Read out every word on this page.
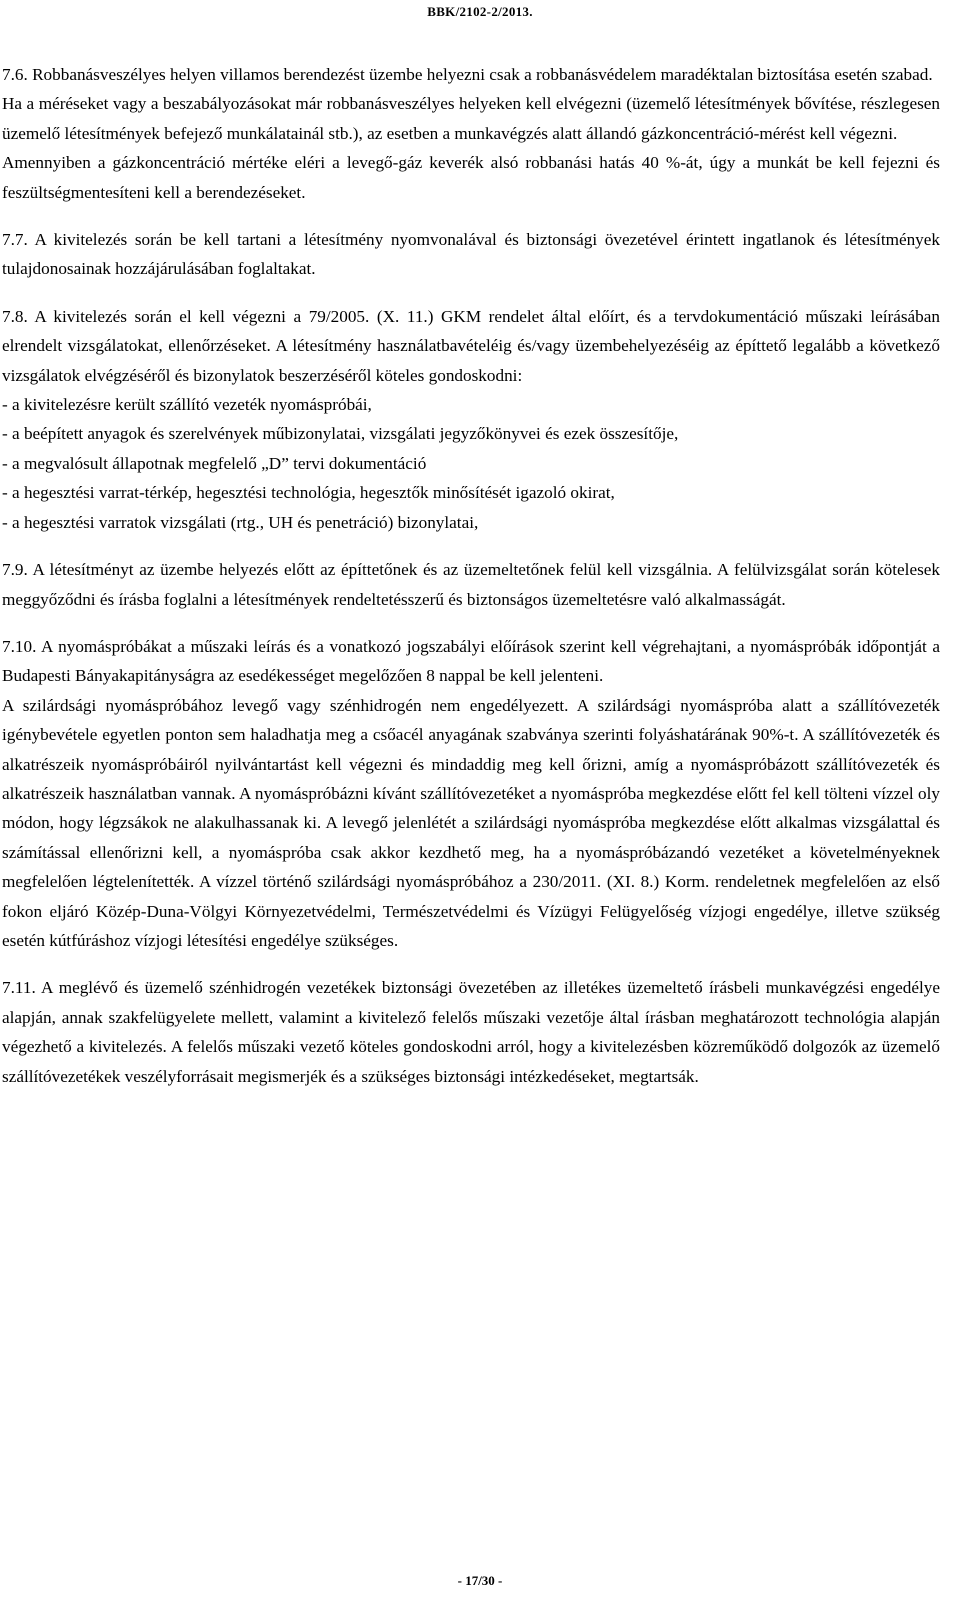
BBK/2102-2/2013.

7.6. Robbanásveszélyes helyen villamos berendezést üzembe helyezni csak a robbanásvédelem maradéktalan biztosítása esetén szabad.

Ha a méréseket vagy a beszabályozásokat már robbanásveszélyes helyeken kell elvégezni (üzemelő létesítmények bővítése, részlegesen üzemelő létesítmények befejező munkálatainál stb.), az esetben a munkavégzés alatt állandó gázkoncentráció-mérést kell végezni.

Amennyiben a gázkoncentráció mértéke eléri a levegő-gáz keverék alsó robbanási hatás 40 %-át, úgy a munkát be kell fejezni és feszültségmentesíteni kell a berendezéseket.

7.7. A kivitelezés során be kell tartani a létesítmény nyomvonalával és biztonsági övezetével érintett ingatlanok és létesítmények tulajdonosainak hozzájárulásában foglaltakat.

7.8. A kivitelezés során el kell végezni a 79/2005. (X. 11.) GKM rendelet által előírt, és a tervdokumentáció műszaki leírásában elrendelt vizsgálatokat, ellenőrzéseket. A létesítmény használatbavételéig és/vagy üzembehelyezéséig az építtető legalább a következő vizsgálatok elvégzéséről és bizonylatok beszerzéséről köteles gondoskodni:

- a kivitelezésre került szállító vezeték nyomáspróbái,

- a beépített anyagok és szerelvények műbizonylatai, vizsgálati jegyzőkönyvei és ezek összesítője,

- a megvalósult állapotnak megfelelő „D” tervi dokumentáció

- a hegesztési varrat-térkép, hegesztési technológia, hegesztők minősítését igazoló okirat,

- a hegesztési varratok vizsgálati (rtg., UH és penetráció) bizonylatai,

7.9. A létesítményt az üzembe helyezés előtt az építtetőnek és az üzemeltetőnek felül kell vizsgálnia. A felülvizsgálat során kötelesek meggyőződni és írásba foglalni a létesítmények rendeltetésszerű és biztonságos üzemeltetésre való alkalmasságát.

7.10. A nyomáspróbákat a műszaki leírás és a vonatkozó jogszabályi előírások szerint kell végrehajtani, a nyomáspróbák időpontját a Budapesti Bányakapitányságra az esedékességet megelőzően 8 nappal be kell jelenteni.

A szilárdsági nyomáspróbához levegő vagy szénhidrogén nem engedélyezett. A szilárdsági nyomáspróba alatt a szállítóvezeték igénybevétele egyetlen ponton sem haladhatja meg a csőacél anyagának szabványa szerinti folyáshatárának 90%-t. A szállítóvezeték és alkatrészeik nyomáspróbáiról nyilvántartást kell végezni és mindaddig meg kell őrizni, amíg a nyomáspróbázott szállítóvezeték és alkatrészeik használatban vannak. A nyomáspróbázni kívánt szállítóvezetéket a nyomáspróba megkezdése előtt fel kell tölteni vízzel oly módon, hogy légzsákok ne alakulhassanak ki. A levegő jelenlétét a szilárdsági nyomáspróba megkezdése előtt alkalmas vizsgálattal és számítással ellenőrizni kell, a nyomáspróba csak akkor kezdhető meg, ha a nyomáspróbázandó vezetéket a követelményeknek megfelelően légtelenítették. A vízzel történő szilárdsági nyomáspróbához a 230/2011. (XI. 8.) Korm. rendeletnek megfelelően az első fokon eljáró Közép-Duna-Völgyi Környezetvédelmi, Természetvédelmi és Vízügyi Felügyelőség vízjogi engedélye, illetve szükség esetén kútfúráshoz vízjogi létesítési engedélye szükséges.

7.11. A meglévő és üzemelő szénhidrogén vezetékek biztonsági övezetében az illetékes üzemeltető írásbeli munkavégzési engedélye alapján, annak szakfelügyelete mellett, valamint a kivitelező felelős műszaki vezetője által írásban meghatározott technológia alapján végezhető a kivitelezés. A felelős műszaki vezető köteles gondoskodni arról, hogy a kivitelezésben közreműködő dolgozók az üzemelő szállítóvezetékek veszélyforrásait megismerjék és a szükséges biztonsági intézkedéseket, megtartsák.

- 17/30 -
